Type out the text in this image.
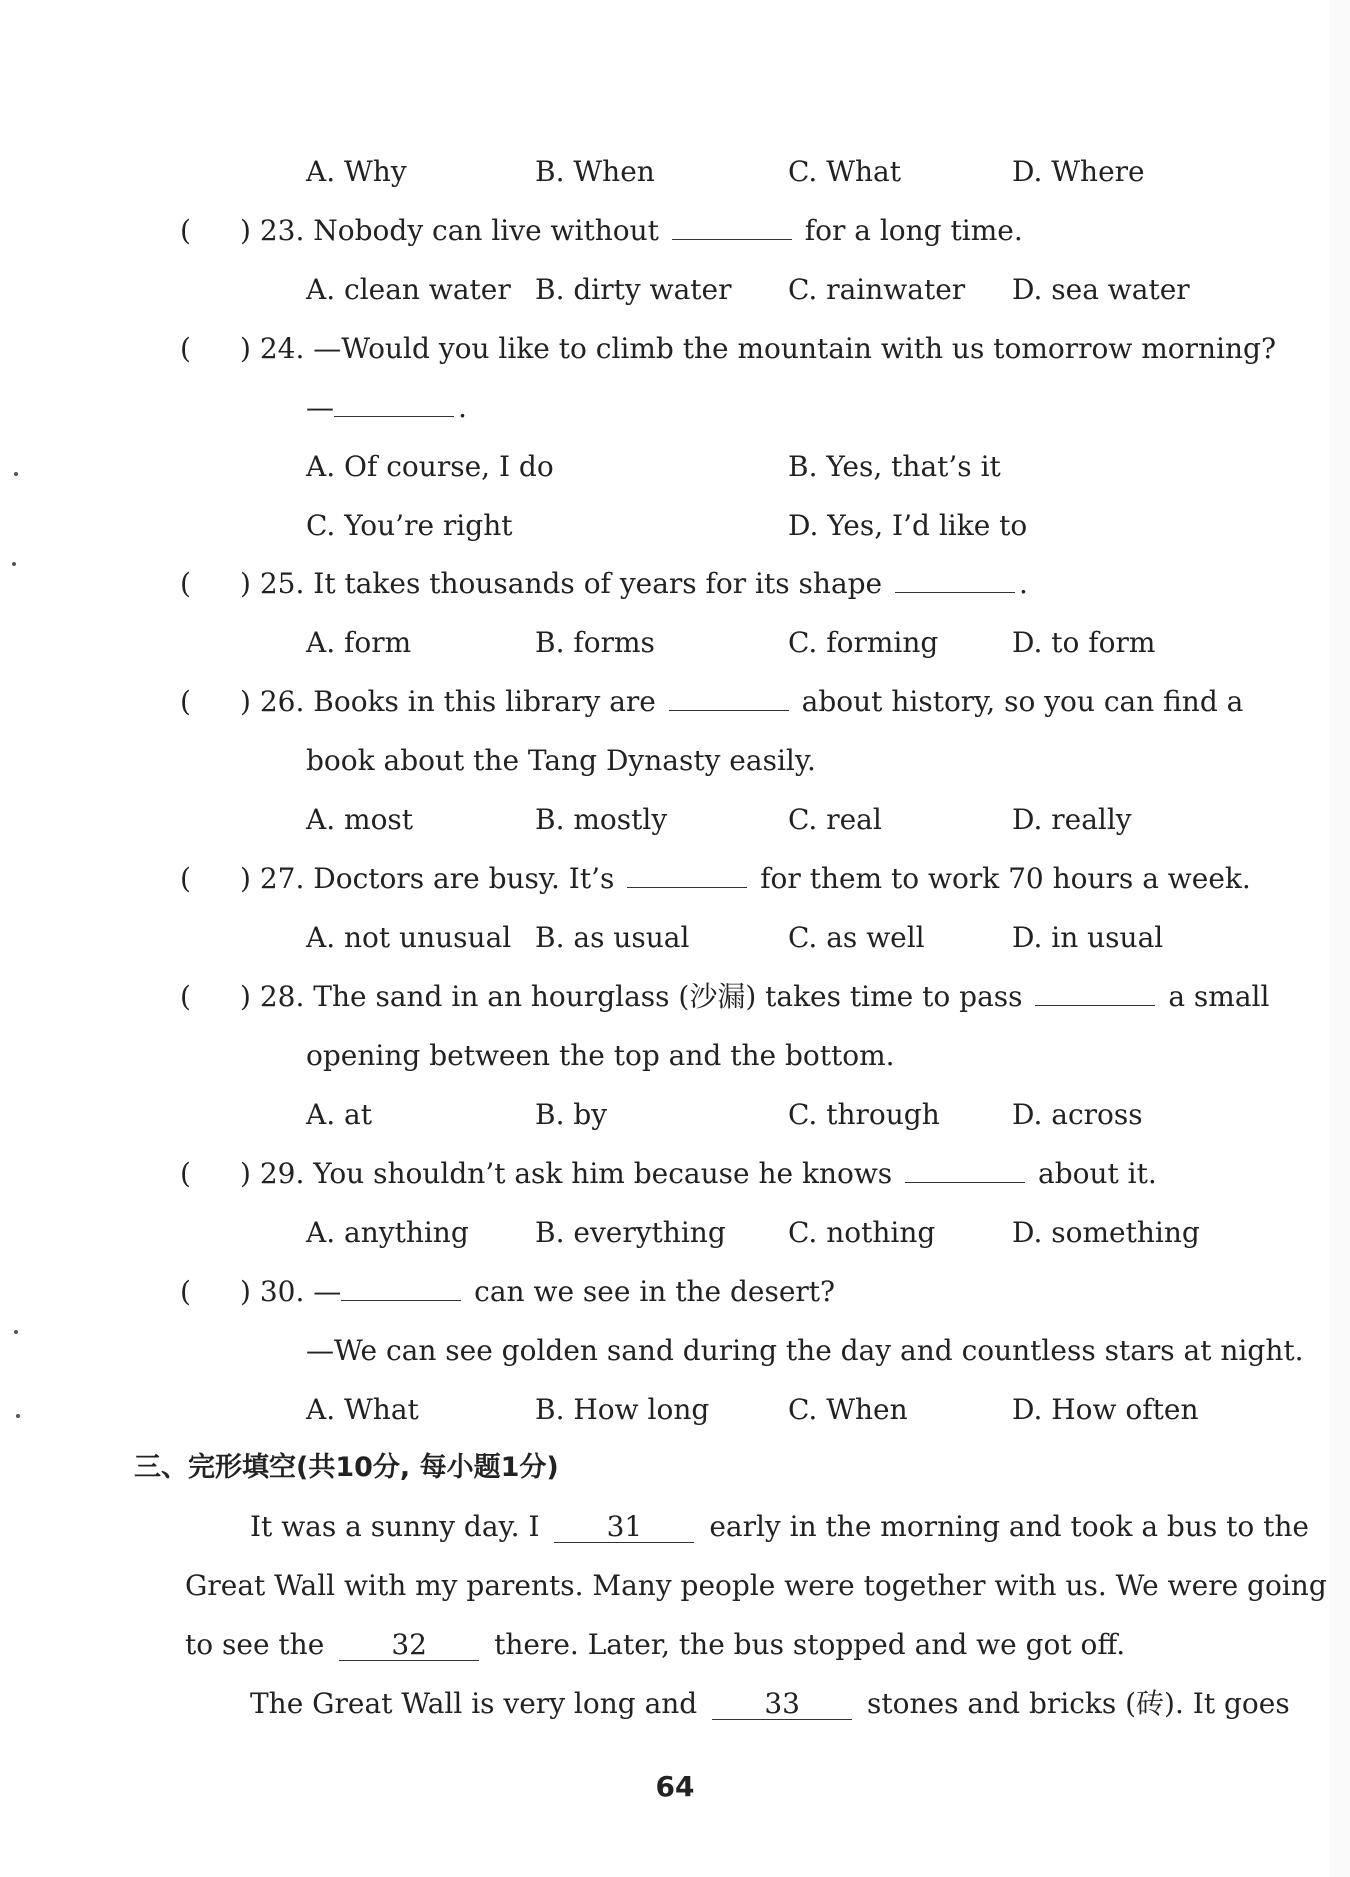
A. Why	B. When	C. What	D. Where
(	) 23. Nobody can live without	for a long time.
A. clean water B. dirty water C. rainwater D. sea water
(	) 24. —Would you like to climb the mountain with us tomorrow morning?
—	.
A. Of course, I do	B. Yes, that’s it
C. You’re right	D. Yes, I’d like to
(	) 25. It takes thousands of years for its shape	.
A. form	B. forms	C. forming	D. to form
(	) 26. Books in this library are	about history, so you can find a
book about the Tang Dynasty easily.
A. most	B. mostly	C. real	D. really
(	) 27. Doctors are busy. It’s	for them to work 70 hours a week.
A. not unusual B. as usual	C. as well	D. in usual
(	) 28. The sand in an hourglass (沙漏) takes time to pass	a small
opening between the top and the bottom.
A. at	B. by	C. through	D. across
(	) 29. You shouldn’t ask him because he knows	about it.
A. anything B. everything C. nothing	D. something
(	) 30. —	can we see in the desert?
—We can see golden sand during the day and countless stars at night.
A. What	B. How long	C. When	D. How often
三、完形填空(共10分, 每小题1分)
It was a sunny day. I 31 early in the morning and took a bus to the
Great Wall with my parents. Many people were together with us. We were going
to see the 32 there. Later, the bus stopped and we got off.
The Great Wall is very long and 33 stones and bricks (砖). It goes
64
